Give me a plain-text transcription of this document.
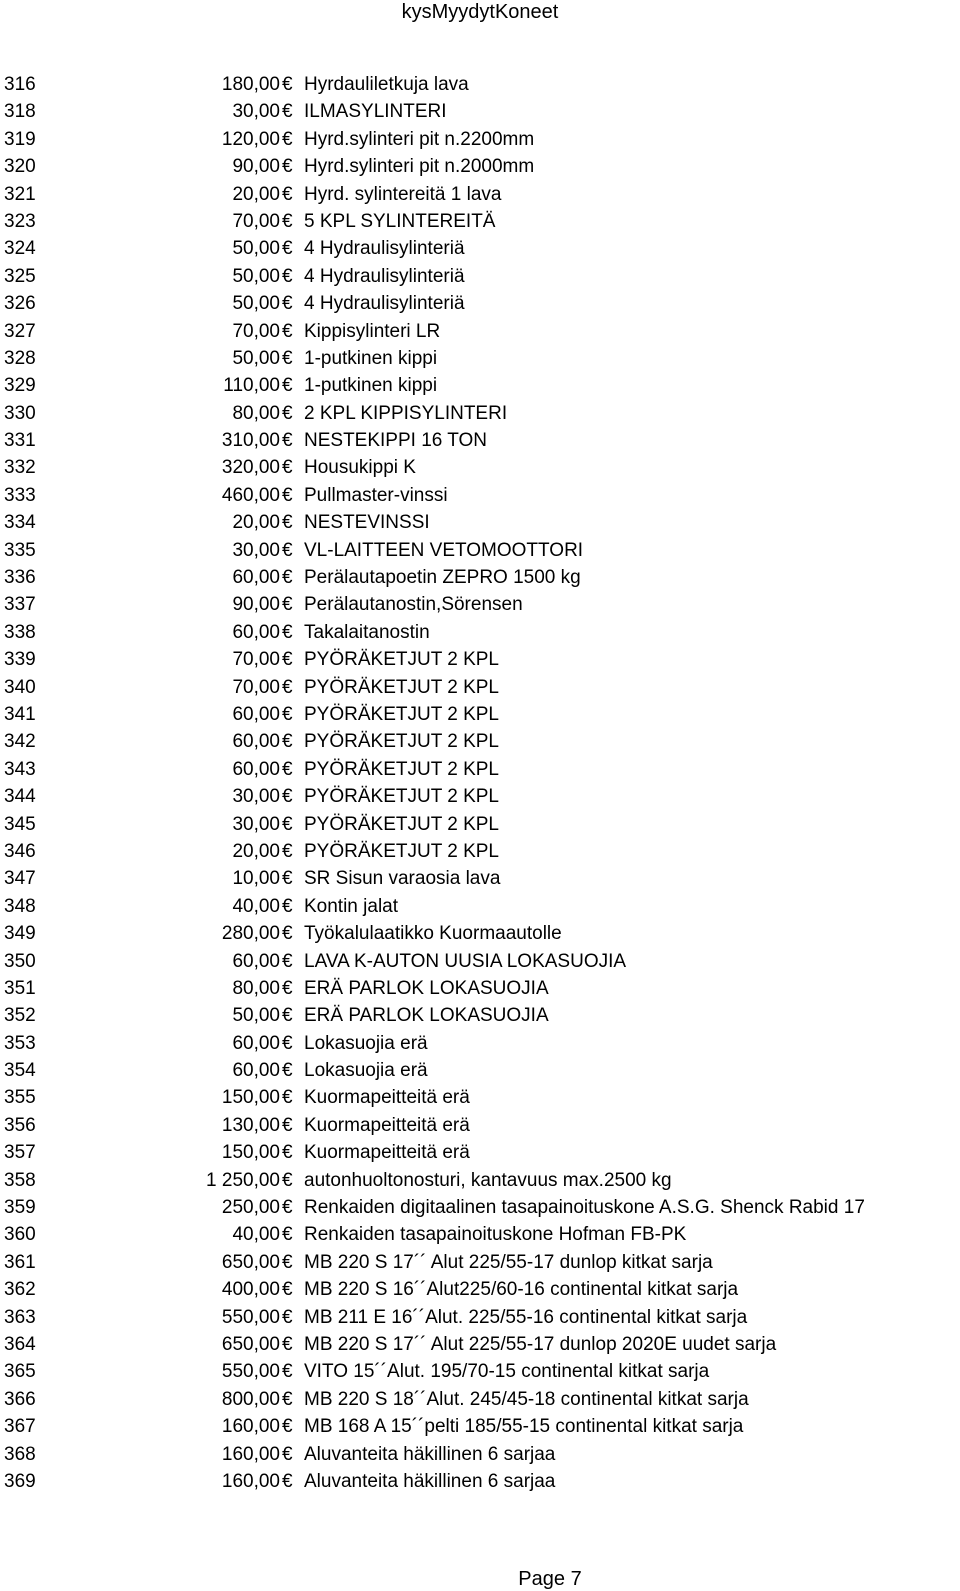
kysMyydytKoneet
316	180,00 € Hyrdauliletkuja lava
318	30,00 € ILMASYLINTERI
319	120,00 € Hyrd.sylinteri pit n.2200mm
320	90,00 € Hyrd.sylinteri pit n.2000mm
321	20,00 € Hyrd. sylintereitä 1 lava
323	70,00 € 5 KPL SYLINTEREITÄ
324	50,00 € 4 Hydraulisylinteriä
325	50,00 € 4 Hydraulisylinteriä
326	50,00 € 4 Hydraulisylinteriä
327	70,00 € Kippisylinteri LR
328	50,00 € 1-putkinen kippi
329	110,00 € 1-putkinen kippi
330	80,00 € 2 KPL KIPPISYLINTERI
331	310,00 € NESTEKIPPI 16 TON
332	320,00 € Housukippi K
333	460,00 € Pullmaster-vinssi
334	20,00 € NESTEVINSSI
335	30,00 € VL-LAITTEEN VETOMOOTTORI
336	60,00 € Perälautapoetin ZEPRO 1500 kg
337	90,00 € Perälautanostin,Sörensen
338	60,00 € Takalaitanostin
339	70,00 € PYÖRÄKETJUT 2 KPL
340	70,00 € PYÖRÄKETJUT 2 KPL
341	60,00 € PYÖRÄKETJUT 2 KPL
342	60,00 € PYÖRÄKETJUT 2 KPL
343	60,00 € PYÖRÄKETJUT 2 KPL
344	30,00 € PYÖRÄKETJUT 2 KPL
345	30,00 € PYÖRÄKETJUT 2 KPL
346	20,00 € PYÖRÄKETJUT 2 KPL
347	10,00 € SR Sisun varaosia lava
348	40,00 € Kontin jalat
349	280,00 € Työkalulaatikko Kuormaautolle
350	60,00 € LAVA K-AUTON UUSIA LOKASUOJIA
351	80,00 € ERÄ PARLOK LOKASUOJIA
352	50,00 € ERÄ PARLOK LOKASUOJIA
353	60,00 € Lokasuojia erä
354	60,00 € Lokasuojia erä
355	150,00 € Kuormapeitteitä erä
356	130,00 € Kuormapeitteitä erä
357	150,00 € Kuormapeitteitä erä
358	1 250,00 € autonhuoltonosturi, kantavuus max.2500 kg
359	250,00 € Renkaiden digitaalinen tasapainoituskone A.S.G. Shenck Rabid 17
360	40,00 € Renkaiden tasapainoituskone Hofman FB-PK
361	650,00 € MB 220 S 17´´ Alut 225/55-17 dunlop kitkat sarja
362	400,00 € MB 220 S 16´´Alut225/60-16 continental kitkat sarja
363	550,00 € MB 211 E 16´´Alut. 225/55-16 continental kitkat sarja
364	650,00 € MB 220 S 17´´ Alut 225/55-17 dunlop 2020E uudet sarja
365	550,00 € VITO 15´´Alut. 195/70-15 continental kitkat sarja
366	800,00 € MB 220 S 18´´Alut. 245/45-18 continental kitkat sarja
367	160,00 € MB 168 A 15´´pelti 185/55-15 continental kitkat sarja
368	160,00 € Aluvanteita häkillinen 6 sarjaa
369	160,00 € Aluvanteita häkillinen 6 sarjaa
Page 7
